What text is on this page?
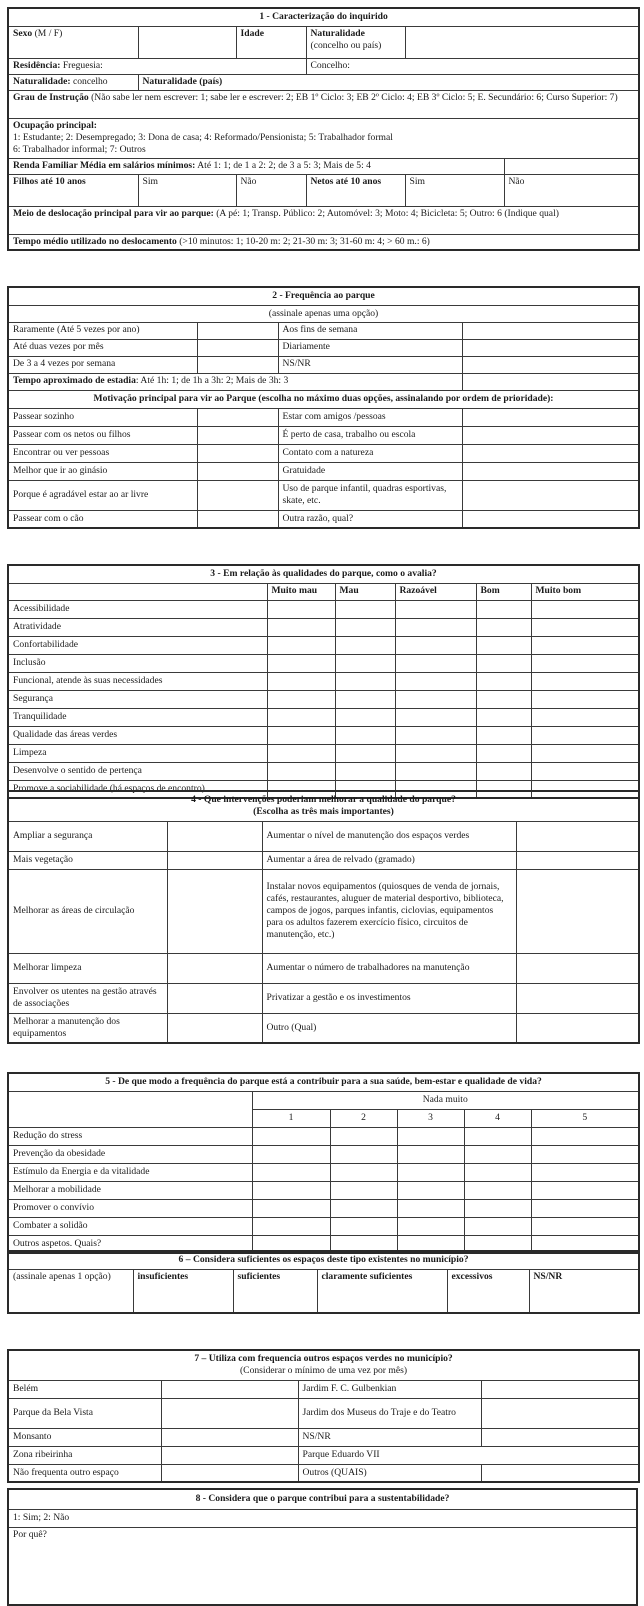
1 - Caracterização do inquirido					
Sexo (M / F)		Idade	Naturalidade
(concelho ou país)		
Residência: Freguesia:			Concelho:		
Naturalidade: concelho	Naturalidade (país)				
Grau de Instrução (Não sabe ler nem escrever: 1; sabe ler e escrever: 2; EB 1º Ciclo: 3; EB 2º Ciclo: 4; EB 3º Ciclo: 5; E. Secundário: 6; Curso Superior: 7)					
Ocupação principal:
1: Estudante; 2: Desempregado; 3: Dona de casa; 4: Reformado/Pensionista; 5: Trabalhador formal
6: Trabalhador informal; 7: Outros					
Renda Familiar Média em salários mínimos: Até 1: 1; de 1 a 2: 2; de 3 a 5: 3; Mais de 5: 4					
Filhos até 10 anos	Sim	Não	Netos até 10 anos	Sim	Não
Meio de deslocação principal para vir ao parque: (A pé: 1; Transp. Público: 2; Automóvel: 3; Moto: 4; Bicicleta: 5; Outro: 6 (Indique qual)					
Tempo médio utilizado no deslocamento (>10 minutos: 1; 10-20 m: 2; 21-30 m: 3; 31-60 m: 4; > 60 m.: 6)					
2 - Frequência ao parque			
(assinale apenas uma opção)			
Raramente (Até 5 vezes por ano)		Aos fins de semana	
Até duas vezes por mês		Diariamente	
De 3 a 4 vezes por semana		NS/NR	
Tempo aproximado de estadia: Até 1h: 1; de 1h a 3h: 2; Mais de 3h: 3			
Motivação principal para vir ao Parque (escolha no máximo duas opções, assinalando por ordem de prioridade):			
Passear sozinho		Estar com amigos /pessoas	
Passear com os netos ou filhos		É perto de casa, trabalho ou escola	
Encontrar ou ver pessoas		Contato com a natureza	
Melhor que ir ao ginásio		Gratuidade	
Porque é agradável estar ao ar livre		Uso de parque infantil, quadras esportivas, skate, etc.	
Passear com o cão		Outra razão, qual?	
3 - Em relação às qualidades do parque, como o avalia?					
	Muito mau	Mau	Razoável	Bom	Muito bom
Acessibilidade					
Atratividade					
Confortabilidade					
Inclusão					
Funcional, atende às suas necessidades					
Segurança					
Tranquilidade					
Qualidade das áreas verdes					
Limpeza					
Desenvolve o sentido de pertença					
Promove a sociabilidade (há espaços de encontro)					
4 - Que intervenções poderiam melhorar a qualidade do parque?
(Escolha as três mais importantes)			
Ampliar a segurança		Aumentar o nível de manutenção dos espaços verdes	
Mais vegetação		Aumentar a área de relvado (gramado)	
Melhorar as áreas de circulação		Instalar novos equipamentos (quiosques de venda de jornais, cafés, restaurantes, aluguer de material desportivo, biblioteca, campos de jogos, parques infantis, ciclovias, equipamentos para os adultos fazerem exercício físico, circuitos de manutenção, etc.)	
Melhorar limpeza		Aumentar o número de trabalhadores na manutenção	
Envolver os utentes na gestão através de associações		Privatizar a gestão e os investimentos	
Melhorar a manutenção dos equipamentos		Outro (Qual)	
5 - De que modo a frequência do parque está a contribuir para a sua saúde, bem-estar e qualidade de vida?					
	Nada muito				
	1	2	3	4	5
Redução do stress					
Prevenção da obesidade					
Estímulo da Energia e da vitalidade					
Melhorar a mobilidade					
Promover o convívio					
Combater a solidão					
Outros aspetos. Quais?					
6 – Considera suficientes os espaços deste tipo existentes no município?
(assinale apenas 1 opção)	insuficientes	suficientes	claramente suficientes	excessivos	NS/NR
7 – Utiliza com frequencia outros espaços verdes no município?
(Considerar o mínimo de uma vez por mês)			
Belém		Jardim F. C. Gulbenkian	
Parque da Bela Vista		Jardim dos Museus do Traje e do Teatro	
Monsanto		NS/NR	
Zona ribeirinha		Parque Eduardo VII	
Não frequenta outro espaço		Outros (QUAIS)	
8 - Considera que o parque contribui para a sustentabilidade?
1: Sim; 2: Não
Por quê?
